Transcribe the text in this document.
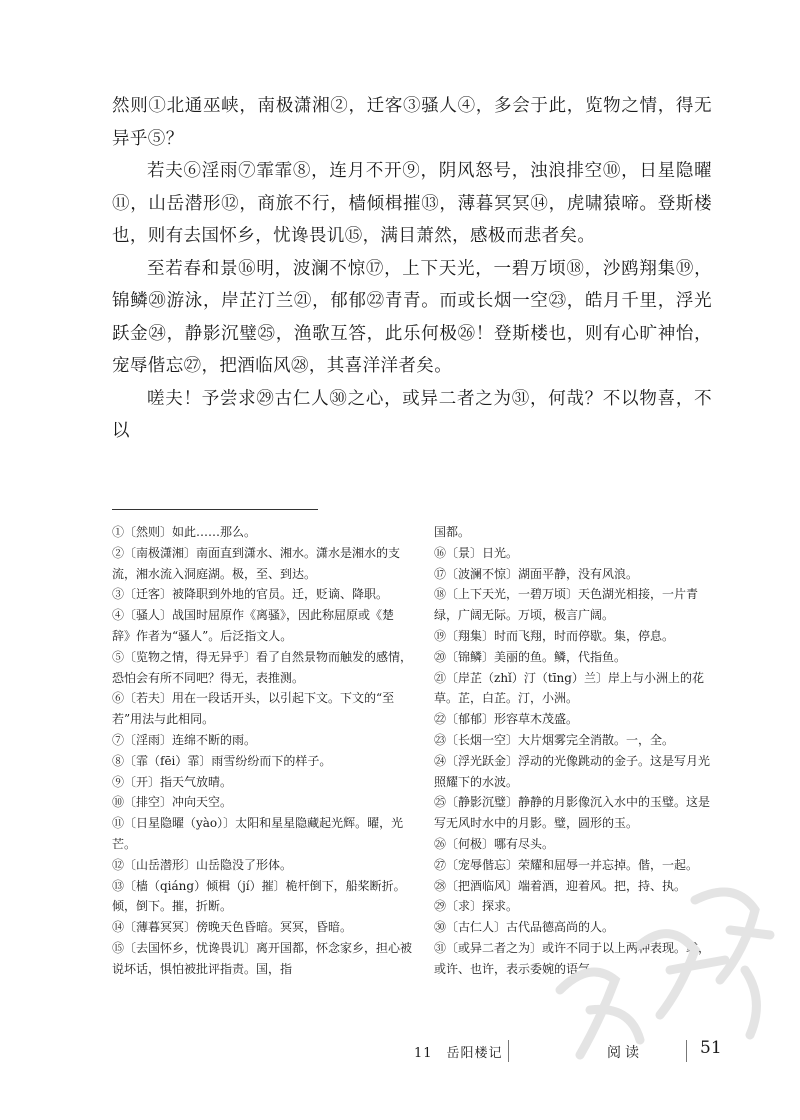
然则①北通巫峡，南极潇湘②，迁客③骚人④，多会于此，览物之情，得无异乎⑤？

若夫⑥淫雨⑦霏霏⑧，连月不开⑨，阴风怒号，浊浪排空⑩，日星隐曜⑪，山岳潜形⑫，商旅不行，樯倾楫摧⑬，薄暮冥冥⑭，虎啸猿啼。登斯楼也，则有去国怀乡，忧谗畏讥⑮，满目萧然，感极而悲者矣。

至若春和景⑯明，波澜不惊⑰，上下天光，一碧万顷⑱，沙鸥翔集⑲，锦鳞⑳游泳，岸芷汀兰㉑，郁郁㉒青青。而或长烟一空㉓，皓月千里，浮光跃金㉔，静影沉璧㉕，渔歌互答，此乐何极㉖！登斯楼也，则有心旷神怡，宠辱偕忘㉗，把酒临风㉘，其喜洋洋者矣。

嗟夫！予尝求㉙古仁人㉚之心，或异二者之为㉛，何哉？不以物喜，不以

①〔然则〕如此……那么。

②〔南极潇湘〕南面直到潇水、湘水。潇水是湘水的支流，湘水流入洞庭湖。极，至、到达。

③〔迁客〕被降职到外地的官员。迁，贬谪、降职。

④〔骚人〕战国时屈原作《离骚》，因此称屈原或《楚辞》作者为“骚人”。后泛指文人。

⑤〔览物之情，得无异乎〕看了自然景物而触发的感情，恐怕会有所不同吧？得无，表推测。

⑥〔若夫〕用在一段话开头，以引起下文。下文的“至若”用法与此相同。

⑦〔淫雨〕连绵不断的雨。

⑧〔霏（fēi）霏〕雨雪纷纷而下的样子。

⑨〔开〕指天气放晴。

⑩〔排空〕冲向天空。

⑪〔日星隐曜（yào）〕太阳和星星隐藏起光辉。曜，光芒。

⑫〔山岳潜形〕山岳隐没了形体。

⑬〔樯（qiáng）倾楫（jí）摧〕桅杆倒下，船桨断折。倾，倒下。摧，折断。

⑭〔薄暮冥冥〕傍晚天色昏暗。冥冥，昏暗。

⑮〔去国怀乡，忧谗畏讥〕离开国都，怀念家乡，担心被说坏话，惧怕被批评指责。国，指

国都。

⑯〔景〕日光。

⑰〔波澜不惊〕湖面平静，没有风浪。

⑱〔上下天光，一碧万顷〕天色湖光相接，一片青绿，广阔无际。万顷，极言广阔。

⑲〔翔集〕时而飞翔，时而停歇。集，停息。

⑳〔锦鳞〕美丽的鱼。鳞，代指鱼。

㉑〔岸芷（zhǐ）汀（tīng）兰〕岸上与小洲上的花草。芷，白芷。汀，小洲。

㉒〔郁郁〕形容草木茂盛。

㉓〔长烟一空〕大片烟雾完全消散。一，全。

㉔〔浮光跃金〕浮动的光像跳动的金子。这是写月光照耀下的水波。

㉕〔静影沉璧〕静静的月影像沉入水中的玉璧。这是写无风时水中的月影。璧，圆形的玉。

㉖〔何极〕哪有尽头。

㉗〔宠辱偕忘〕荣耀和屈辱一并忘掉。偕，一起。

㉘〔把酒临风〕端着酒，迎着风。把，持、执。

㉙〔求〕探求。

㉚〔古仁人〕古代品德高尚的人。

㉛〔或异二者之为〕或许不同于以上两种表现。或，或许、也许，表示委婉的语气。

11　岳阳楼记	阅读	51
